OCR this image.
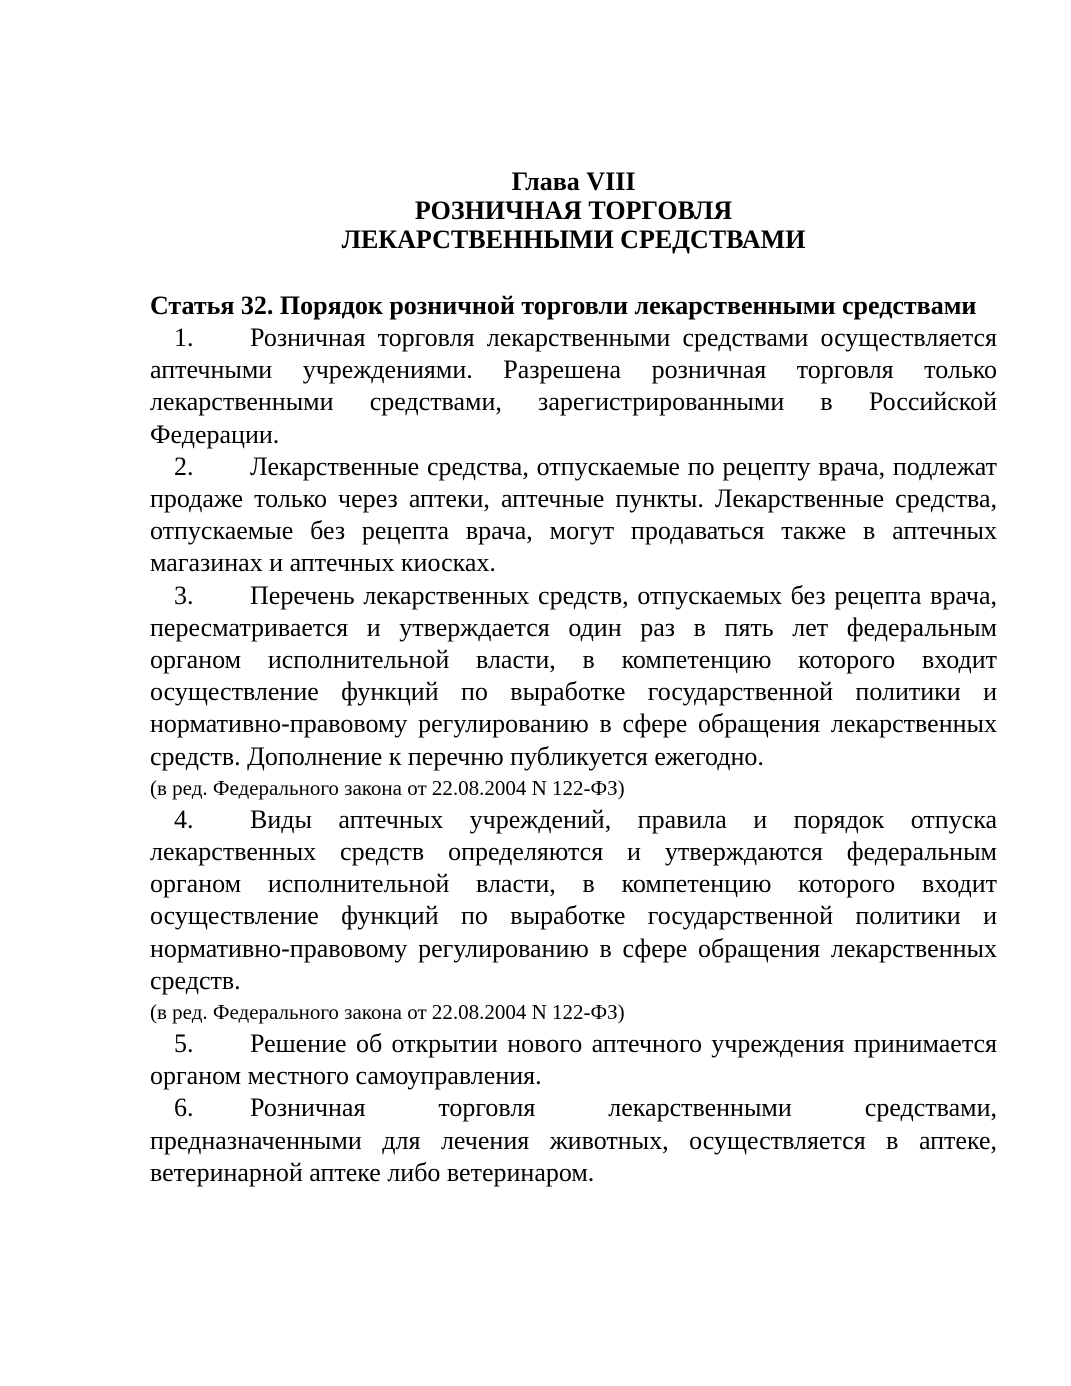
Глава VIII
РОЗНИЧНАЯ ТОРГОВЛЯ
ЛЕКАРСТВЕННЫМИ СРЕДСТВАМИ
Статья 32. Порядок розничной торговли лекарственными средствами

1. Розничная торговля лекарственными средствами осуществляется аптечными учреждениями. Разрешена розничная торговля только лекарственными средствами, зарегистрированными в Российской Федерации.

2. Лекарственные средства, отпускаемые по рецепту врача, подлежат продаже только через аптеки, аптечные пункты. Лекарственные средства, отпускаемые без рецепта врача, могут продаваться также в аптечных магазинах и аптечных киосках.

3. Перечень лекарственных средств, отпускаемых без рецепта врача, пересматривается и утверждается один раз в пять лет федеральным органом исполнительной власти, в компетенцию которого входит осуществление функций по выработке государственной политики и нормативно-правовому регулированию в сфере обращения лекарственных средств. Дополнение к перечню публикуется ежегодно.

(в ред. Федерального закона от 22.08.2004 N 122-ФЗ)

4. Виды аптечных учреждений, правила и порядок отпуска лекарственных средств определяются и утверждаются федеральным органом исполнительной власти, в компетенцию которого входит осуществление функций по выработке государственной политики и нормативно-правовому регулированию в сфере обращения лекарственных средств.

(в ред. Федерального закона от 22.08.2004 N 122-ФЗ)

5. Решение об открытии нового аптечного учреждения принимается органом местного самоуправления.

6. Розничная торговля лекарственными средствами, предназначенными для лечения животных, осуществляется в аптеке, ветеринарной аптеке либо ветеринаром.
